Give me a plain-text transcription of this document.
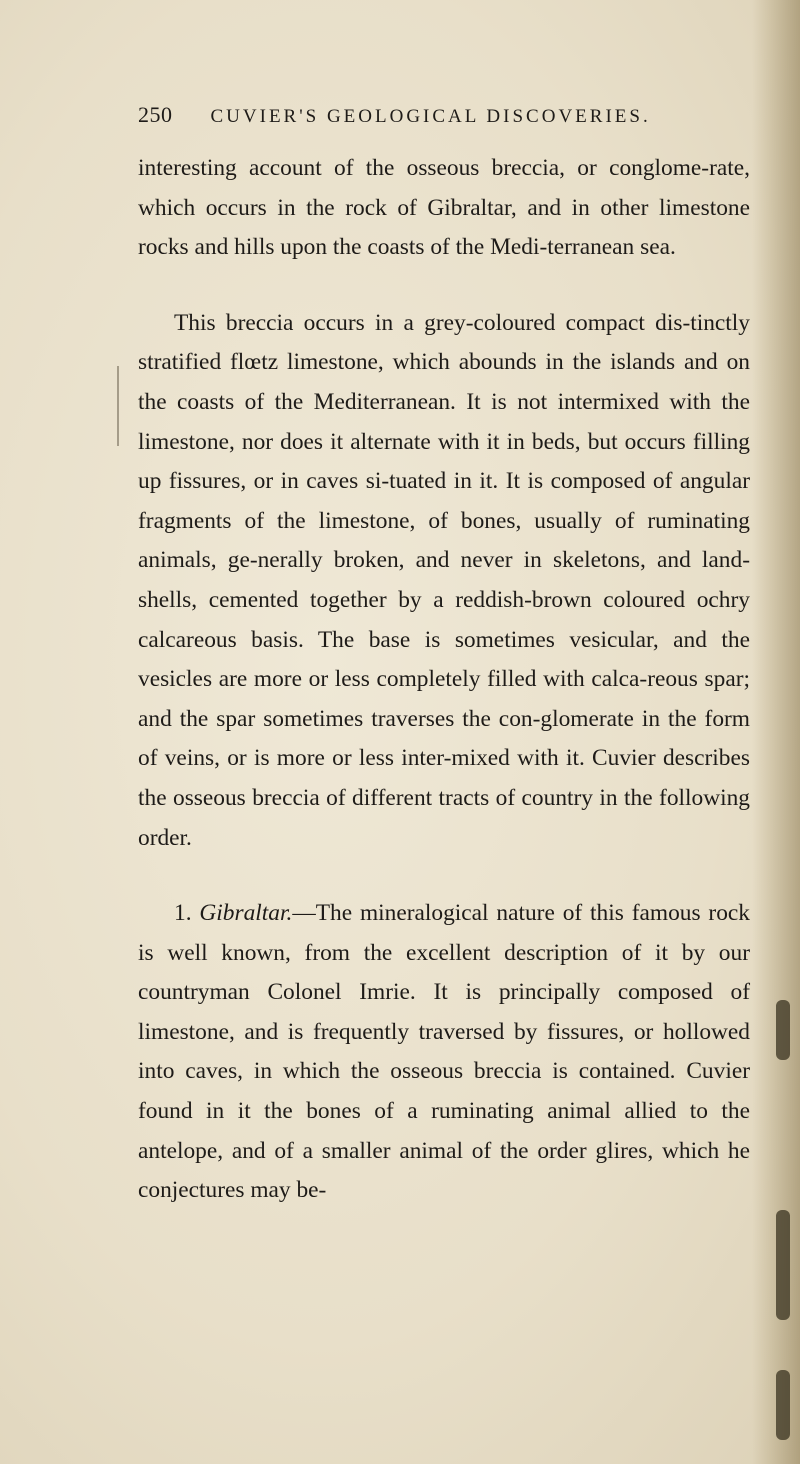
250 CUVIER'S GEOLOGICAL DISCOVERIES.

interesting account of the osseous breccia, or conglome-rate, which occurs in the rock of Gibraltar, and in other limestone rocks and hills upon the coasts of the Medi-terranean sea.

This breccia occurs in a grey-coloured compact dis-tinctly stratified flœtz limestone, which abounds in the islands and on the coasts of the Mediterranean. It is not intermixed with the limestone, nor does it alternate with it in beds, but occurs filling up fissures, or in caves si-tuated in it. It is composed of angular fragments of the limestone, of bones, usually of ruminating animals, ge-nerally broken, and never in skeletons, and land-shells, cemented together by a reddish-brown coloured ochry calcareous basis. The base is sometimes vesicular, and the vesicles are more or less completely filled with calca-reous spar; and the spar sometimes traverses the con-glomerate in the form of veins, or is more or less inter-mixed with it. Cuvier describes the osseous breccia of different tracts of country in the following order.

1. Gibraltar.—The mineralogical nature of this famous rock is well known, from the excellent description of it by our countryman Colonel Imrie. It is principally composed of limestone, and is frequently traversed by fissures, or hollowed into caves, in which the osseous breccia is contained. Cuvier found in it the bones of a ruminating animal allied to the antelope, and of a smaller animal of the order glires, which he conjectures may be-
